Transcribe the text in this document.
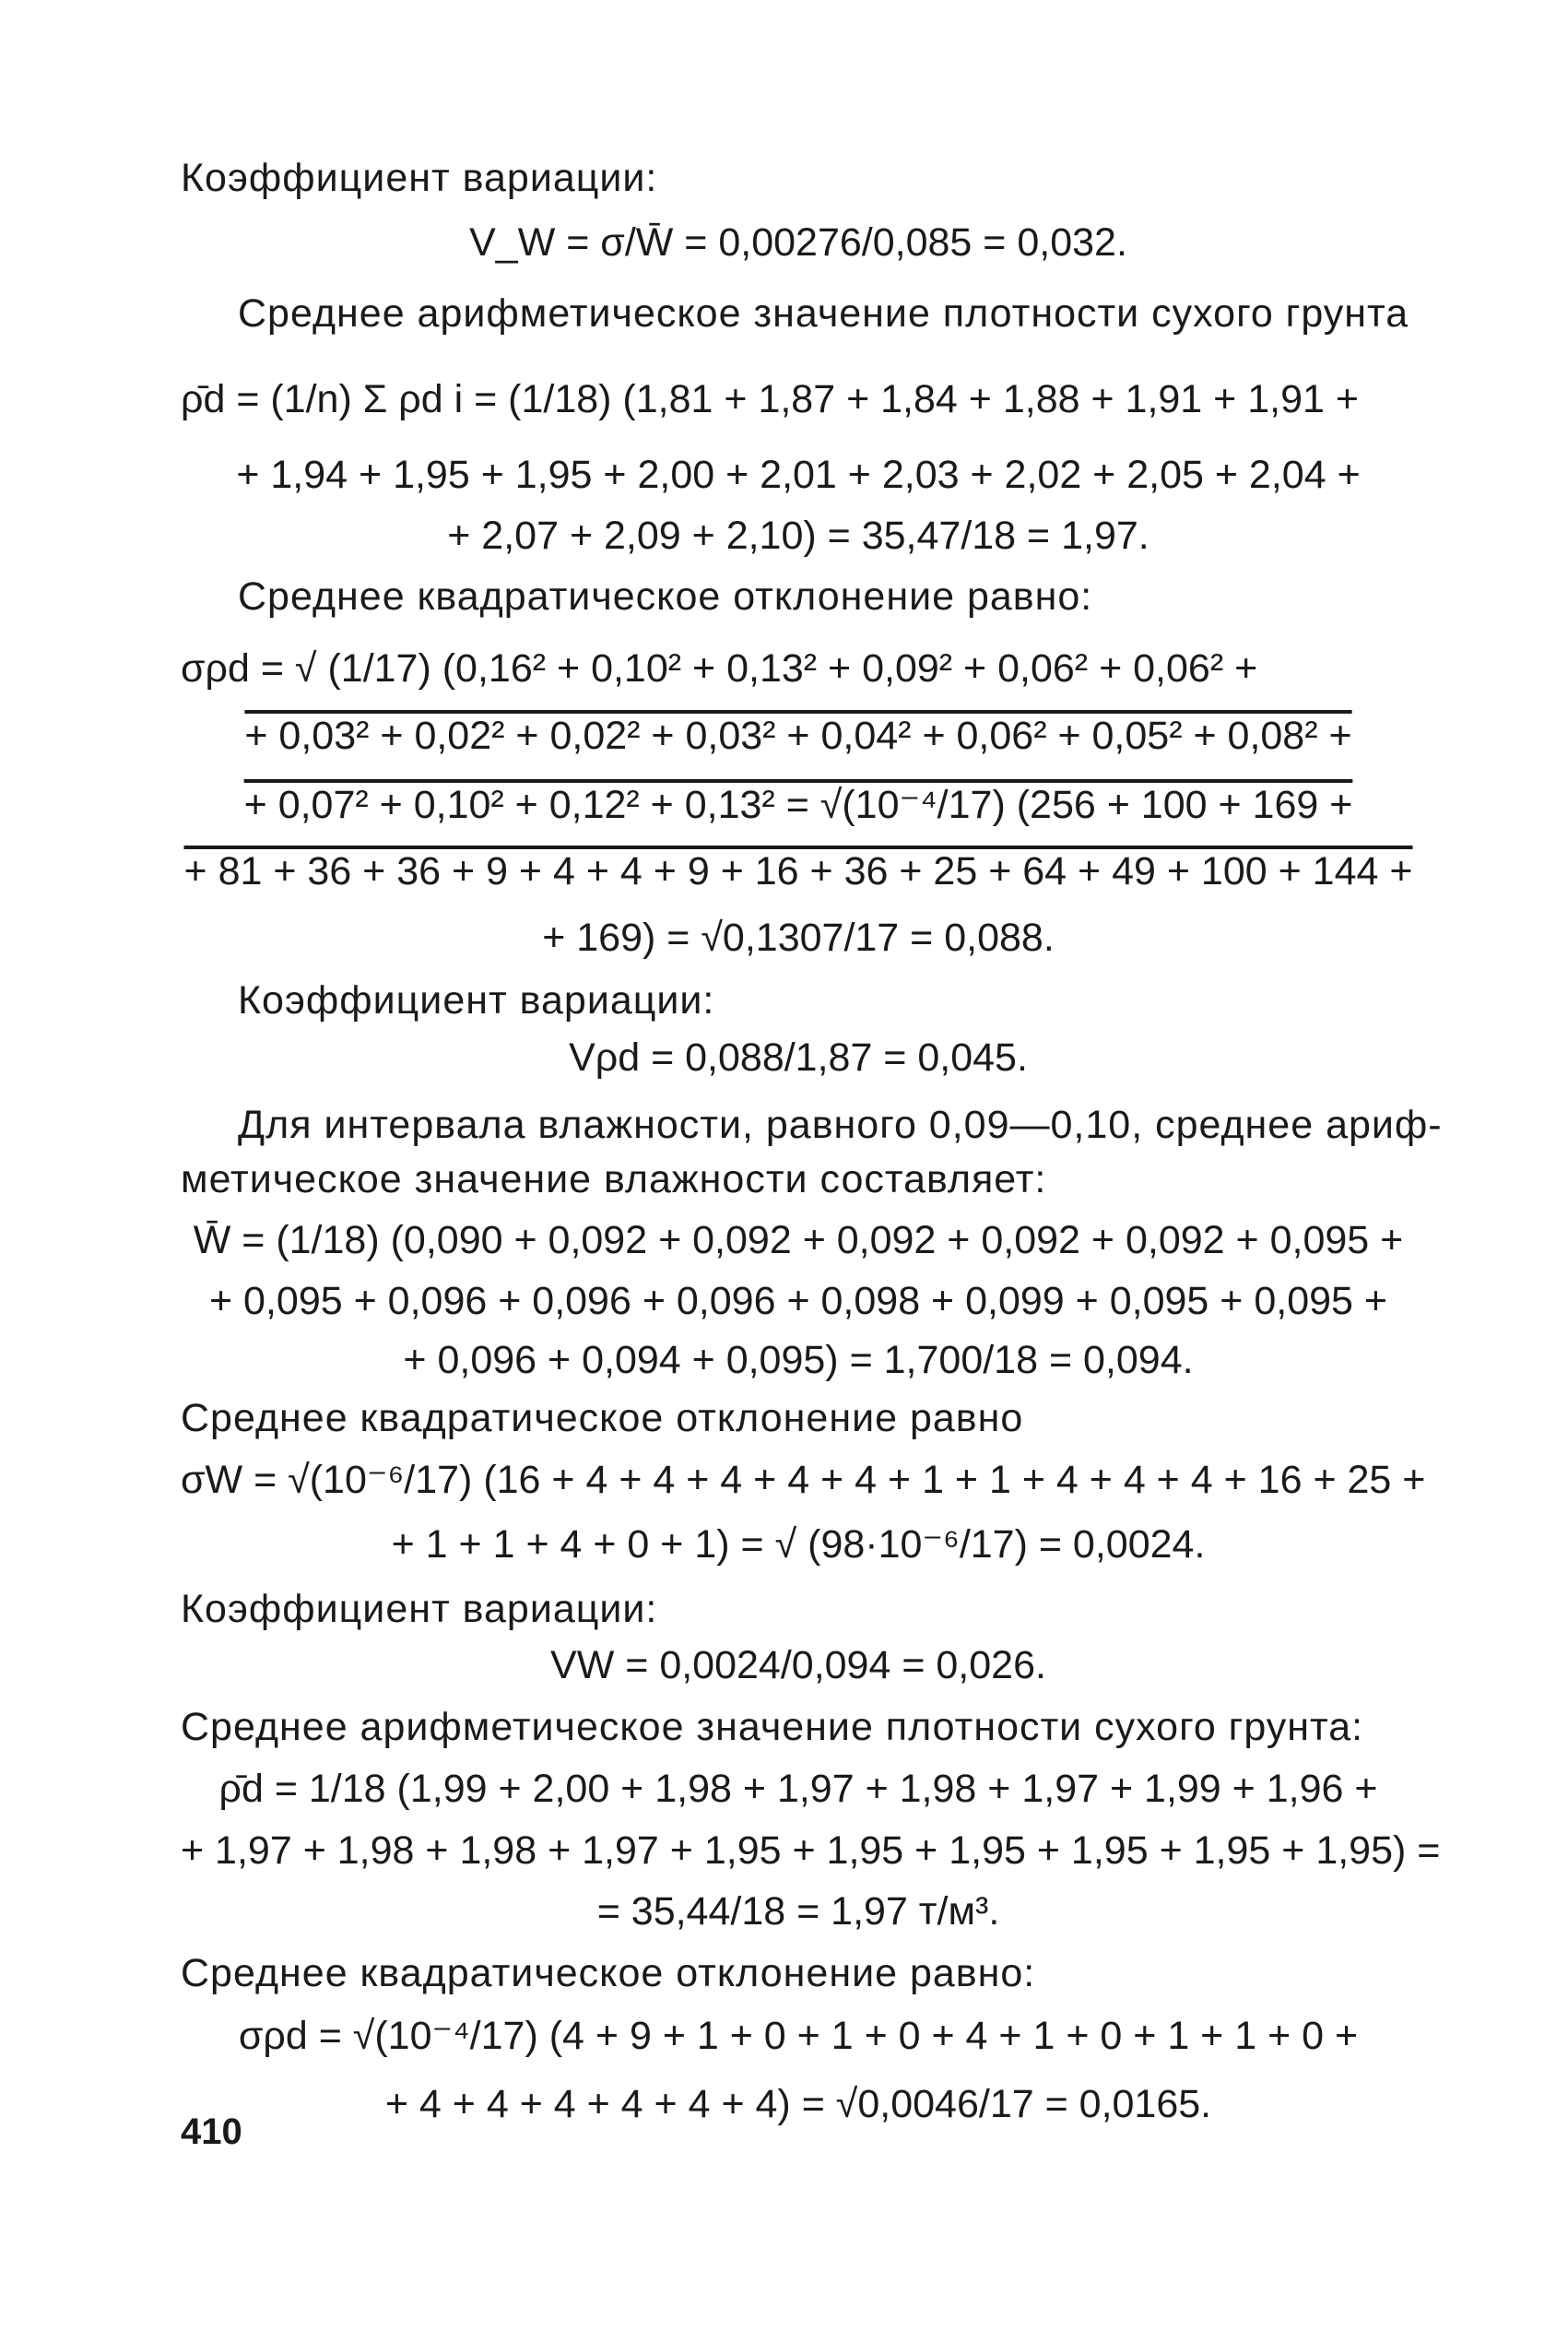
Коэффициент вариации:
V_W = σ/W̄ = 0,00276/0,085 = 0,032.
Среднее арифметическое значение плотности сухого грунта
ρ̄d = (1/n) Σ ρd i = (1/18) (1,81 + 1,87 + 1,84 + 1,88 + 1,91 + 1,91 +
+ 1,94 + 1,95 + 1,95 + 2,00 + 2,01 + 2,03 + 2,02 + 2,05 + 2,04 +
+ 2,07 + 2,09 + 2,10) = 35,47/18 = 1,97.
Среднее квадратическое отклонение равно:
σρd = √ (1/17) (0,16² + 0,10² + 0,13² + 0,09² + 0,06² + 0,06² +
+ 0,03² + 0,02² + 0,02² + 0,03² + 0,04² + 0,06² + 0,05² + 0,08² +
+ 0,07² + 0,10² + 0,12² + 0,13² = √(10⁻⁴/17) (256 + 100 + 169 +
+ 81 + 36 + 36 + 9 + 4 + 4 + 9 + 16 + 36 + 25 + 64 + 49 + 100 + 144 +
+ 169) = √0,1307/17 = 0,088.
Коэффициент вариации:
Vρd = 0,088/1,87 = 0,045.
Для интервала влажности, равного 0,09—0,10, среднее ариф-
метическое значение влажности составляет:
W̄ = (1/18) (0,090 + 0,092 + 0,092 + 0,092 + 0,092 + 0,092 + 0,095 +
+ 0,095 + 0,096 + 0,096 + 0,096 + 0,098 + 0,099 + 0,095 + 0,095 +
+ 0,096 + 0,094 + 0,095) = 1,700/18 = 0,094.
Среднее квадратическое отклонение равно
σW = √(10⁻⁶/17) (16 + 4 + 4 + 4 + 4 + 4 + 1 + 1 + 4 + 4 + 4 + 16 + 25 +
+ 1 + 1 + 4 + 0 + 1) = √ (98·10⁻⁶/17) = 0,0024.
Коэффициент вариации:
VW = 0,0024/0,094 = 0,026.
Среднее арифметическое значение плотности сухого грунта:
ρ̄d = 1/18 (1,99 + 2,00 + 1,98 + 1,97 + 1,98 + 1,97 + 1,99 + 1,96 +
+ 1,97 + 1,98 + 1,98 + 1,97 + 1,95 + 1,95 + 1,95 + 1,95 + 1,95 + 1,95) =
= 35,44/18 = 1,97 т/м³.
Среднее квадратическое отклонение равно:
σρd = √(10⁻⁴/17) (4 + 9 + 1 + 0 + 1 + 0 + 4 + 1 + 0 + 1 + 1 + 0 +
+ 4 + 4 + 4 + 4 + 4 + 4) = √0,0046/17 = 0,0165.
410
